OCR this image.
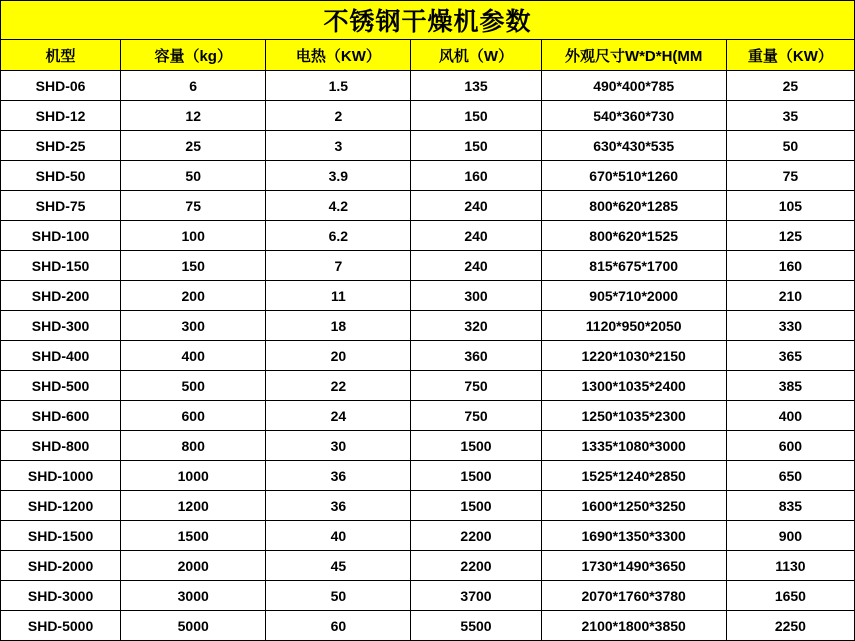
不锈钢干燥机参数					
机型	容量（kg）	电热（KW）	风机（W）	外观尺寸W*D*H(MM	重量（KW）
SHD-06	6	1.5	135	490*400*785	25
SHD-12	12	2	150	540*360*730	35
SHD-25	25	3	150	630*430*535	50
SHD-50	50	3.9	160	670*510*1260	75
SHD-75	75	4.2	240	800*620*1285	105
SHD-100	100	6.2	240	800*620*1525	125
SHD-150	150	7	240	815*675*1700	160
SHD-200	200	11	300	905*710*2000	210
SHD-300	300	18	320	1120*950*2050	330
SHD-400	400	20	360	1220*1030*2150	365
SHD-500	500	22	750	1300*1035*2400	385
SHD-600	600	24	750	1250*1035*2300	400
SHD-800	800	30	1500	1335*1080*3000	600
SHD-1000	1000	36	1500	1525*1240*2850	650
SHD-1200	1200	36	1500	1600*1250*3250	835
SHD-1500	1500	40	2200	1690*1350*3300	900
SHD-2000	2000	45	2200	1730*1490*3650	1130
SHD-3000	3000	50	3700	2070*1760*3780	1650
SHD-5000	5000	60	5500	2100*1800*3850	2250
